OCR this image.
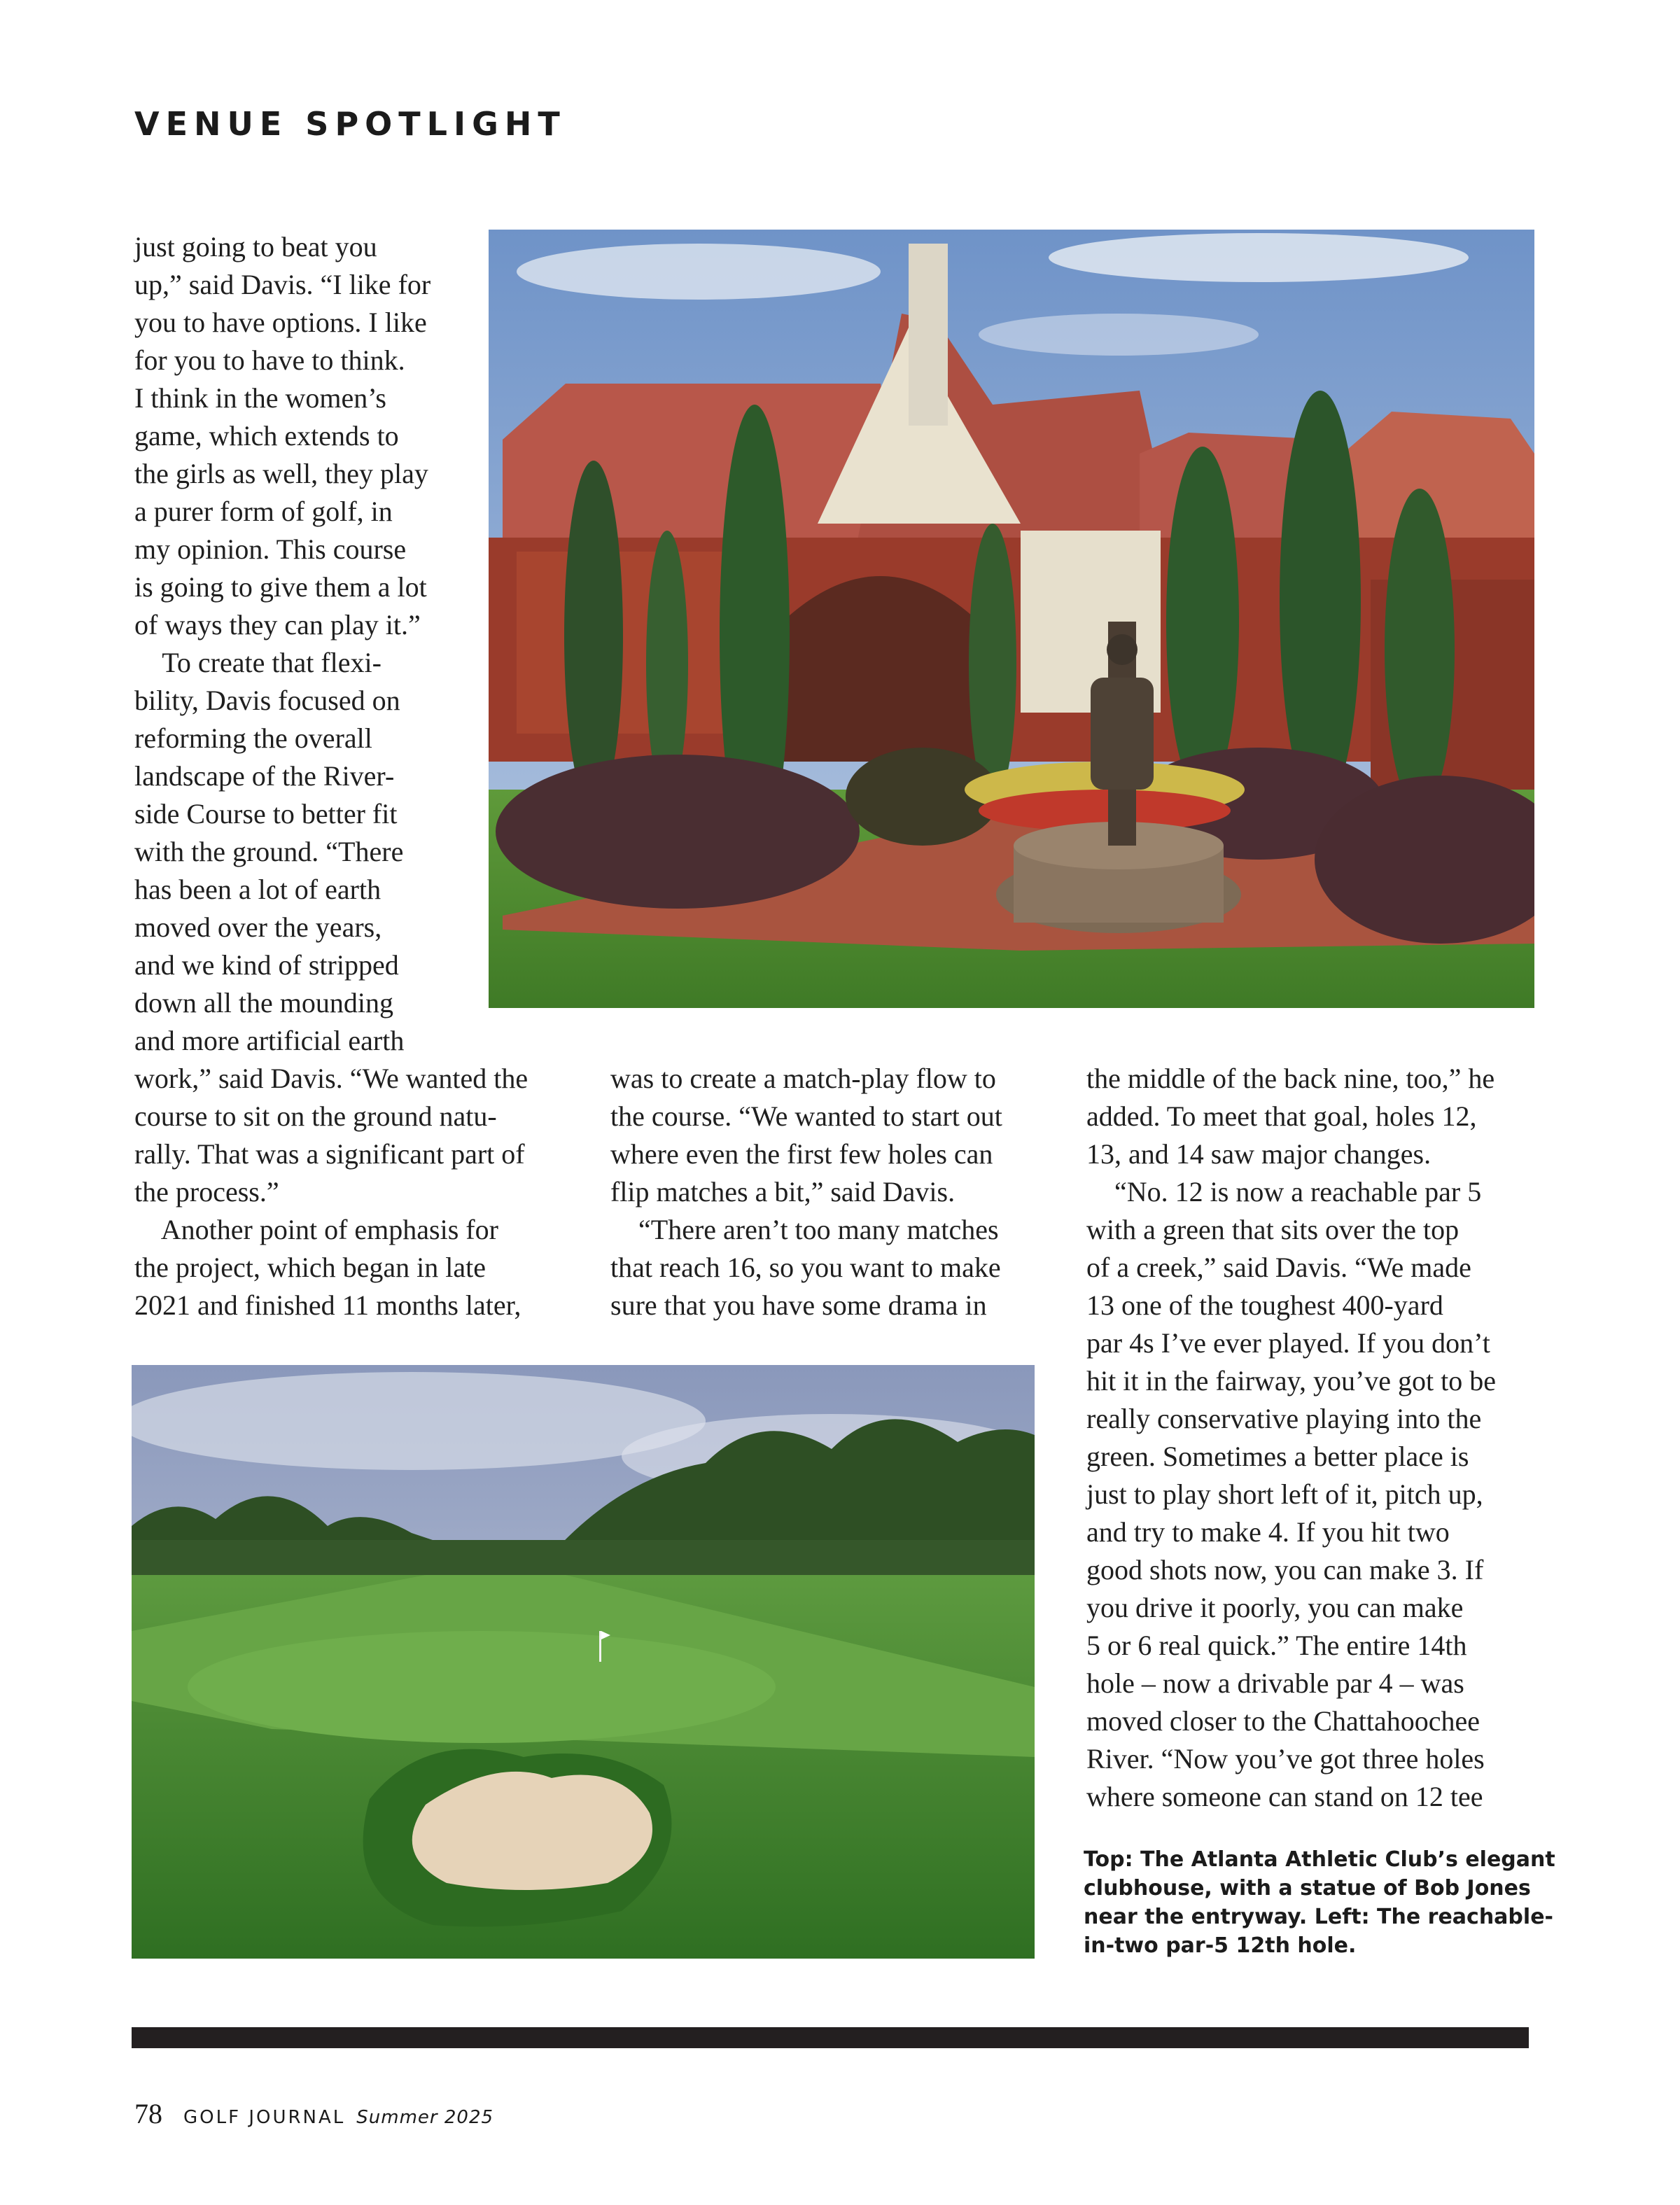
VENUE SPOTLIGHT
just going to beat you
up,” said Davis. “I like for
you to have options. I like
for you to have to think.
I think in the women’s
game, which extends to
the girls as well, they play
a purer form of golf, in
my opinion. This course
is going to give them a lot
of ways they can play it.”
To create that flexi-
bility, Davis focused on
reforming the overall
landscape of the River-
side Course to better fit
with the ground. “There
has been a lot of earth
moved over the years,
and we kind of stripped
down all the mounding
and more artificial earth
work,” said Davis. “We wanted the
course to sit on the ground natu-
rally. That was a significant part of
the process.”
Another point of emphasis for
the project, which began in late
2021 and finished 11 months later,
was to create a match-play flow to
the course. “We wanted to start out
where even the first few holes can
flip matches a bit,” said Davis.
“There aren’t too many matches
that reach 16, so you want to make
sure that you have some drama in
the middle of the back nine, too,” he
added. To meet that goal, holes 12,
13, and 14 saw major changes.
“No. 12 is now a reachable par 5
with a green that sits over the top
of a creek,” said Davis. “We made
13 one of the toughest 400-yard
par 4s I’ve ever played. If you don’t
hit it in the fairway, you’ve got to be
really conservative playing into the
green. Sometimes a better place is
just to play short left of it, pitch up,
and try to make 4. If you hit two
good shots now, you can make 3. If
you drive it poorly, you can make
5 or 6 real quick.” The entire 14th
hole – now a drivable par 4 – was
moved closer to the Chattahoochee
River. “Now you’ve got three holes
where someone can stand on 12 tee
Top: The Atlanta Athletic Club’s elegant
clubhouse, with a statue of Bob Jones
near the entryway. Left: The reachable-
in-two par-5 12th hole.
78 GOLF JOURNAL Summer 2025
